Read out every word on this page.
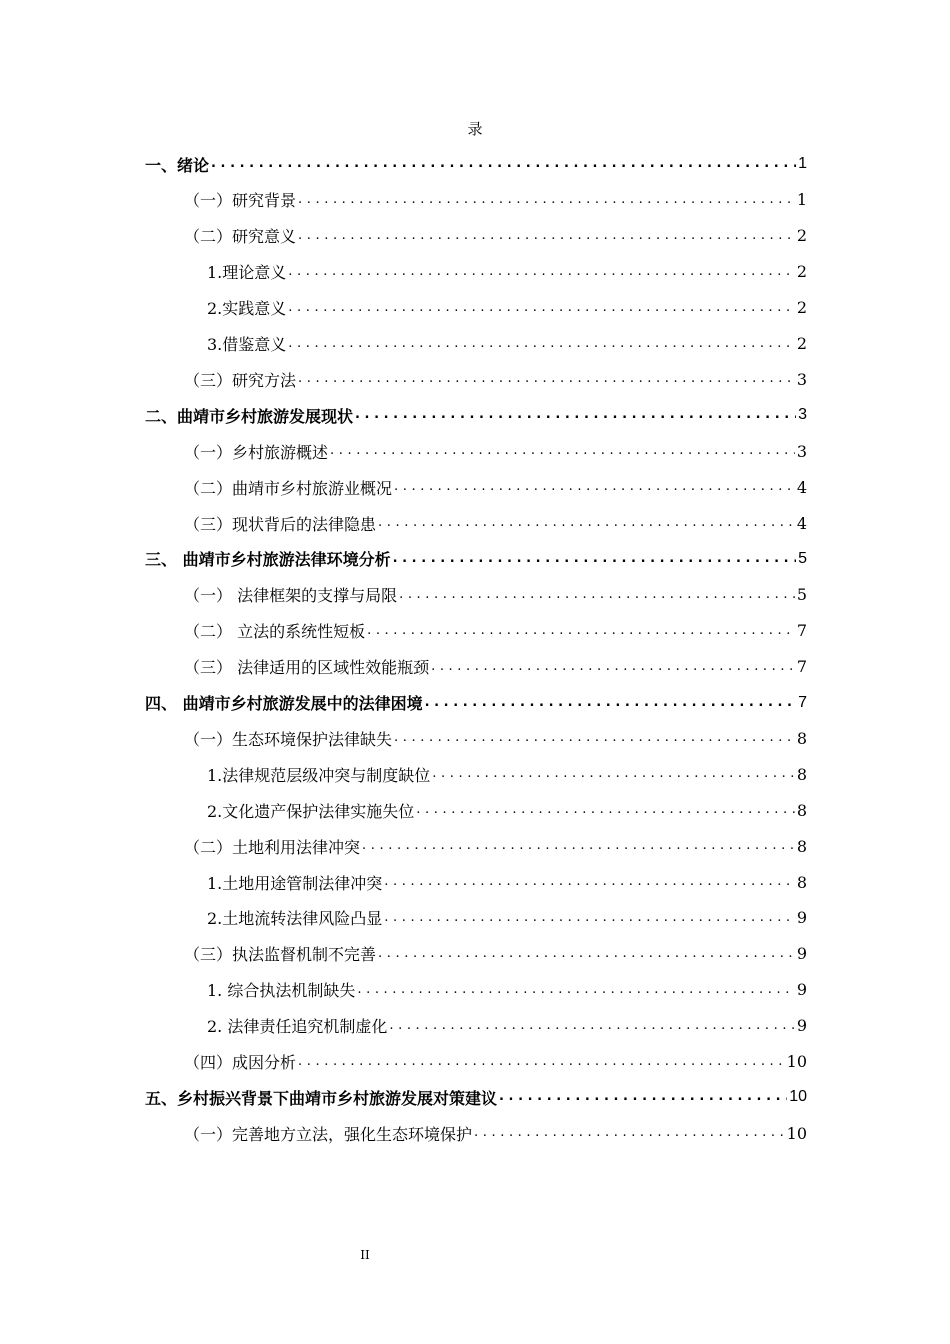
录
一、绪论 .....	1
（一）研究背景 .....	1
（二）研究意义 .....	2
1.理论意义 .....	2
2.实践意义 .....	2
3.借鉴意义 .....	2
（三）研究方法 .....	3
二、曲靖市乡村旅游发展现状 .....	3
（一）乡村旅游概述 .....	3
（二）曲靖市乡村旅游业概况 .....	4
（三）现状背后的法律隐患 .....	4
三、 曲靖市乡村旅游法律环境分析 .....	5
（一） 法律框架的支撑与局限 .....	5
（二） 立法的系统性短板 .....	7
（三） 法律适用的区域性效能瓶颈 .....	7
四、 曲靖市乡村旅游发展中的法律困境 .....	7
（一）生态环境保护法律缺失 .....	8
1.法律规范层级冲突与制度缺位 .....	8
2.文化遗产保护法律实施失位 .....	8
（二）土地利用法律冲突 .....	8
1.土地用途管制法律冲突 .....	8
2.土地流转法律风险凸显 .....	9
（三）执法监督机制不完善 .....	9
1. 综合执法机制缺失 .....	9
2. 法律责任追究机制虚化 .....	9
（四）成因分析 .....	10
五、乡村振兴背景下曲靖市乡村旅游发展对策建议 .....	10
（一）完善地方立法，强化生态环境保护 .....	10
II
